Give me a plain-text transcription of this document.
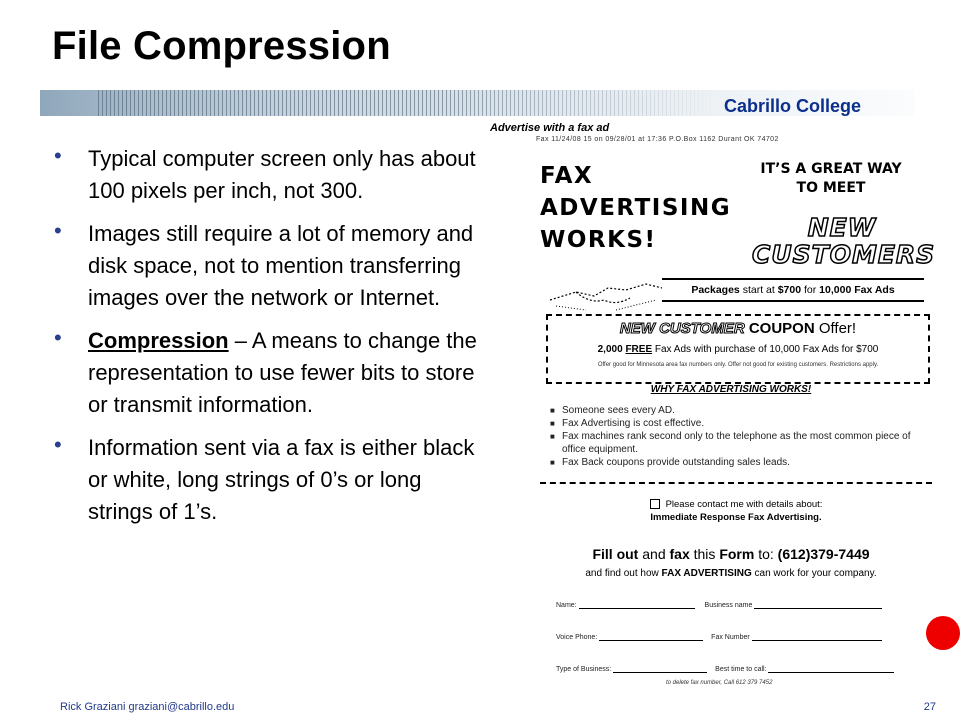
File Compression
Cabrillo College
• Typical computer screen only has about 100 pixels per inch, not 300.
• Images still require a lot of memory and disk space, not to mention transferring images over the network or Internet.
• Compression – A means to change the representation to use fewer bits to store or transmit information.
• Information sent via a fax is either black or white, long strings of 0’s or long strings of 1’s.
Advertise with a fax ad
Fax 11/24/08 15 on 09/28/01 at 17:36 P.O.Box 1162 Durant OK 74702
FAX
ADVERTISING
WORKS!
IT’S A GREAT WAY
TO MEET
NEW
CUSTOMERS
Packages start at $700 for 10,000 Fax Ads
NEW CUSTOMER COUPON Offer!
2,000 FREE Fax Ads with purchase of 10,000 Fax Ads for $700
Offer good for Minnesota area fax numbers only. Offer not good for existing customers. Restrictions apply.
WHY FAX ADVERTISING WORKS!
■ Someone sees every AD.
■ Fax Advertising is cost effective.
■ Fax machines rank second only to the telephone as the most common piece of office equipment.
■ Fax Back coupons provide outstanding sales leads.
Please contact me with details about:
Immediate Response Fax Advertising.
Fill out and fax this Form to: (612)379-7449
and find out how FAX ADVERTISING can work for your company.
Name:	Business name
Voice Phone:	Fax Number
Type of Business:	Best time to call:
to delete fax number, Call 612 379 7452
Rick Graziani graziani@cabrillo.edu	27
